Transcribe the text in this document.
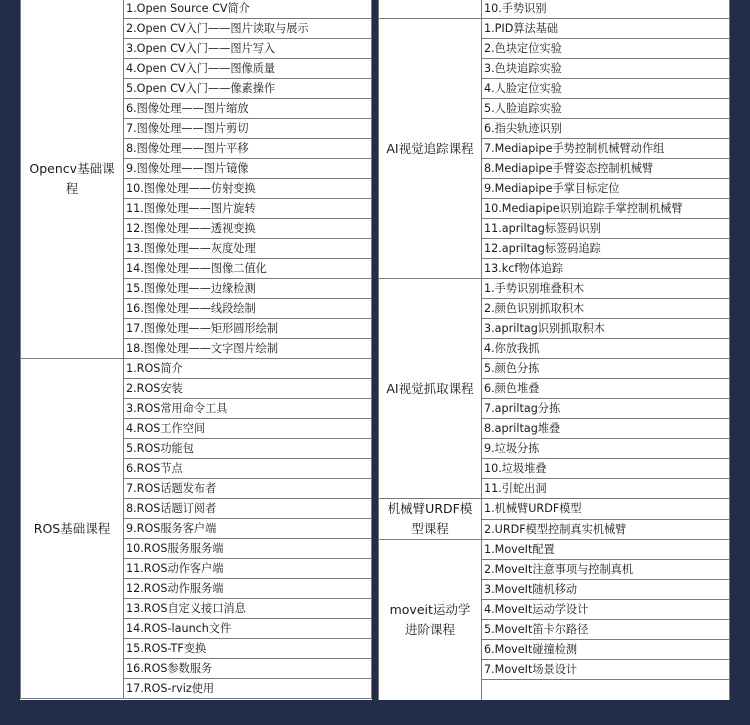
Opencv基础课程	1.Open Source CV简介
	2.Open CV入门——图片读取与展示
	3.Open CV入门——图片写入
	4.Open CV入门——图像质量
	5.Open CV入门——像素操作
	6.图像处理——图片缩放
	7.图像处理——图片剪切
	8.图像处理——图片平移
	9.图像处理——图片镜像
	10.图像处理——仿射变换
	11.图像处理——图片旋转
	12.图像处理——透视变换
	13.图像处理——灰度处理
	14.图像处理——图像二值化
	15.图像处理——边缘检测
	16.图像处理——线段绘制
	17.图像处理——矩形圆形绘制
	18.图像处理——文字图片绘制
ROS基础课程	1.ROS简介
	2.ROS安装
	3.ROS常用命令工具
	4.ROS工作空间
	5.ROS功能包
	6.ROS节点
	7.ROS话题发布者
	8.ROS话题订阅者
	9.ROS服务客户端
	10.ROS服务服务端
	11.ROS动作客户端
	12.ROS动作服务端
	13.ROS自定义接口消息
	14.ROS-launch文件
	15.ROS-TF变换
	16.ROS参数服务
	17.ROS-rviz使用
	10.手势识别
AI视觉追踪课程	1.PID算法基础
	2.色块定位实验
	3.色块追踪实验
	4.人脸定位实验
	5.人脸追踪实验
	6.指尖轨迹识别
	7.Mediapipe手势控制机械臂动作组
	8.Mediapipe手臂姿态控制机械臂
	9.Mediapipe手掌目标定位
	10.Mediapipe识别追踪手掌控制机械臂
	11.apriltag标签码识别
	12.apriltag标签码追踪
	13.kcf物体追踪
AI视觉抓取课程	1.手势识别堆叠积木
	2.颜色识别抓取积木
	3.apriltag识别抓取积木
	4.你放我抓
	5.颜色分拣
	6.颜色堆叠
	7.apriltag分拣
	8.apriltag堆叠
	9.垃圾分拣
	10.垃圾堆叠
	11.引蛇出洞
机械臂URDF模型课程	1.机械臂URDF模型
	2.URDF模型控制真实机械臂
moveit运动学进阶课程	1.MoveIt配置
	2.MoveIt注意事项与控制真机
	3.MoveIt随机移动
	4.MoveIt运动学设计
	5.MoveIt笛卡尔路径
	6.MoveIt碰撞检测
	7.MoveIt场景设计
